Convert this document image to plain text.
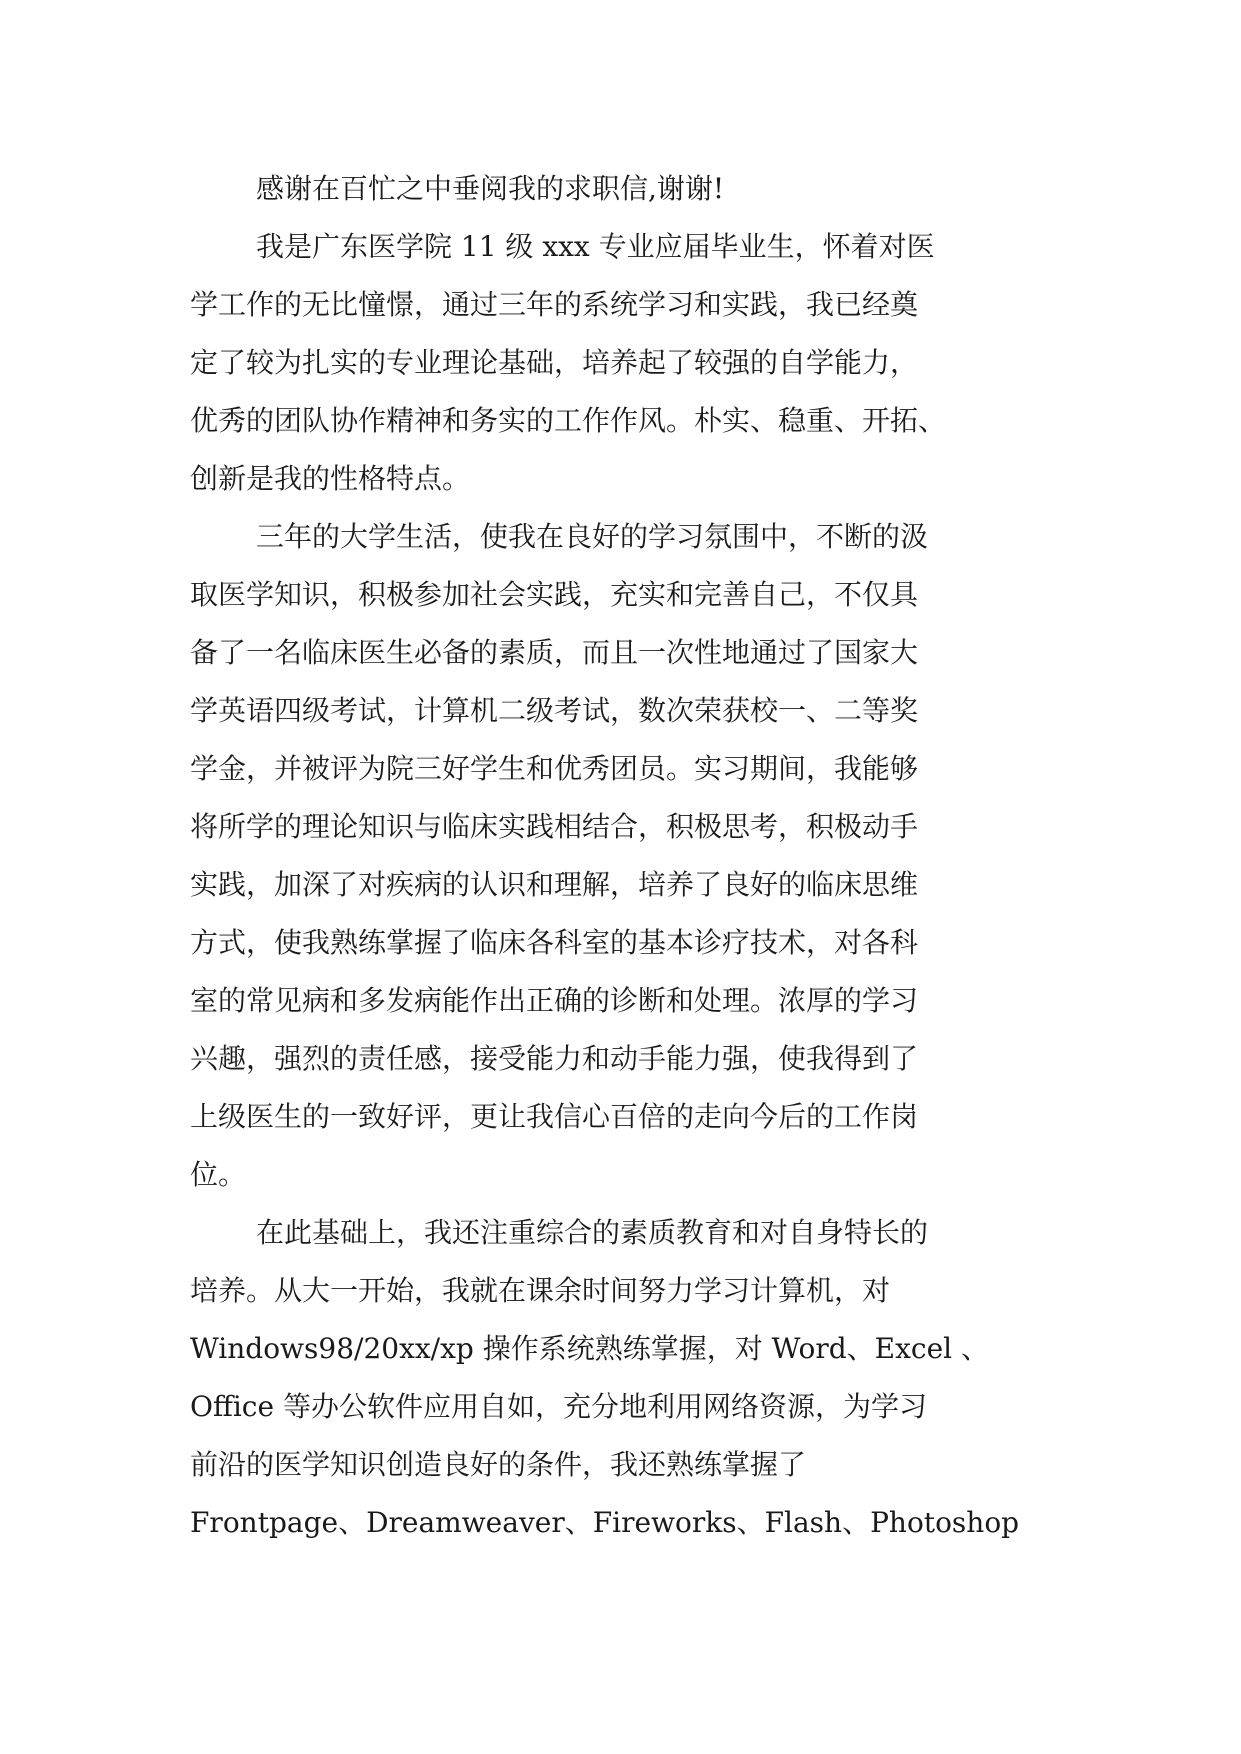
感谢在百忙之中垂阅我的求职信,谢谢!
我是广东医学院 11 级 xxx 专业应届毕业生，怀着对医
学工作的无比憧憬，通过三年的系统学习和实践，我已经奠
定了较为扎实的专业理论基础，培养起了较强的自学能力，
优秀的团队协作精神和务实的工作作风。朴实、稳重、开拓、
创新是我的性格特点。
三年的大学生活，使我在良好的学习氛围中，不断的汲
取医学知识，积极参加社会实践，充实和完善自己，不仅具
备了一名临床医生必备的素质，而且一次性地通过了国家大
学英语四级考试，计算机二级考试，数次荣获校一、二等奖
学金，并被评为院三好学生和优秀团员。实习期间，我能够
将所学的理论知识与临床实践相结合，积极思考，积极动手
实践，加深了对疾病的认识和理解，培养了良好的临床思维
方式，使我熟练掌握了临床各科室的基本诊疗技术，对各科
室的常见病和多发病能作出正确的诊断和处理。浓厚的学习
兴趣，强烈的责任感，接受能力和动手能力强，使我得到了
上级医生的一致好评，更让我信心百倍的走向今后的工作岗
位。
在此基础上，我还注重综合的素质教育和对自身特长的
培养。从大一开始，我就在课余时间努力学习计算机，对
Windows98/20xx/xp 操作系统熟练掌握，对 Word、Excel 、
Office 等办公软件应用自如，充分地利用网络资源，为学习
前沿的医学知识创造良好的条件，我还熟练掌握了
Frontpage、Dreamweaver、Fireworks、Flash、Photoshop
